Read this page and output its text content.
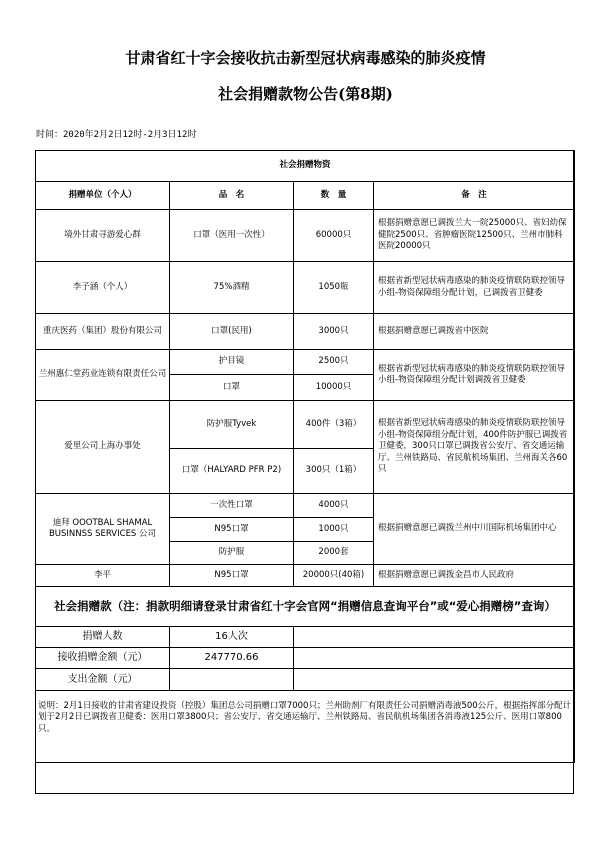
甘肃省红十字会接收抗击新型冠状病毒感染的肺炎疫情
社会捐赠款物公告(第8期)
时间：2020年2月2日12时-2月3日12时
社会捐赠物资			
捐赠单位（个人）	品　名	数　量	备　注
境外甘肃寻游爱心群	口罩（医用一次性）	60000只	根据捐赠意愿已调拨兰大一院25000只、省妇幼保健院2500只、省肿瘤医院12500只、兰州市肺科医院20000只
李子涵（个人）	75%酒精	1050瓶	根据省新型冠状病毒感染的肺炎疫情联防联控领导小组-物资保障组分配计划，已调拨省卫健委
重庆医药（集团）股份有限公司	口罩(民用)	3000只	根据捐赠意愿已调拨省中医院
兰州惠仁堂药业连锁有限责任公司	护目镜	2500只	根据省新型冠状病毒感染的肺炎疫情联防联控领导小组-物资保障组分配计划调拨省卫健委
	口罩	10000只	
爱里公司上海办事处	防护服Tyvek	400件（3箱）	根据省新型冠状病毒感染的肺炎疫情联防联控领导小组-物资保障组分配计划，400件防护服已调拨省卫健委，300只口罩已调拨省公安厅、省交通运输厅、兰州铁路局、省民航机场集团、兰州海关各60只
	口罩（HALYARD PFR P2)	300只（1箱）	
迪拜 OOOTBAL SHAMAL BUSINNSS SERVICES 公司	一次性口罩	4000只	根据捐赠意愿已调拨兰州中川国际机场集团中心
	N95口罩	1000只	
	防护服	2000套	
李平	N95口罩	20000只(40箱)	根据捐赠意愿已调拨金昌市人民政府
社会捐赠款（注：捐款明细请登录甘肃省红十字会官网“捐赠信息查询平台”或“爱心捐赠榜”查询）			
捐赠人数	16人次		
接收捐赠金额（元）	247770.66		
支出金额（元）			
说明：2月1日接收的甘肃省建设投资（控股）集团总公司捐赠口罩7000只；兰州助剂厂有限责任公司捐赠消毒液500公斤，根据指挥部分配计划于2月2日已调拨省卫健委：医用口罩3800只；省公安厅、省交通运输厅、兰州铁路局、省民航机场集团各消毒液125公斤、医用口罩800只。			
